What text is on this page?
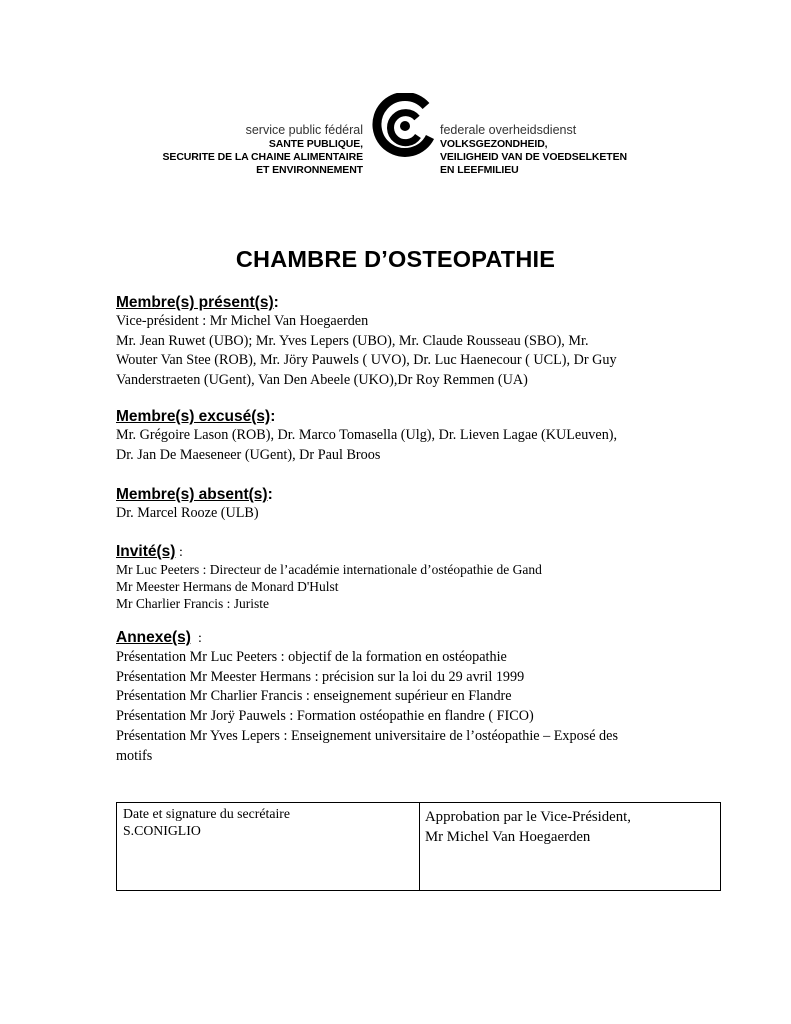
service public fédéral
SANTE PUBLIQUE,
SECURITE DE LA CHAINE ALIMENTAIRE
ET ENVIRONNEMENT
federale overheidsdienst
VOLKSGEZONDHEID,
VEILIGHEID VAN DE VOEDSELKETEN
EN LEEFMILIEU
CHAMBRE D’OSTEOPATHIE
Membre(s) présent(s):
Vice-président : Mr Michel Van Hoegaerden
Mr. Jean Ruwet (UBO); Mr. Yves Lepers (UBO), Mr. Claude Rousseau (SBO), Mr.
Wouter Van Stee (ROB), Mr. Jöry Pauwels ( UVO), Dr. Luc Haenecour ( UCL), Dr Guy
Vanderstraeten (UGent), Van Den Abeele (UKO),Dr Roy Remmen (UA)
Membre(s) excusé(s):
Mr. Grégoire Lason (ROB), Dr. Marco Tomasella (Ulg), Dr. Lieven Lagae (KULeuven),
Dr. Jan De Maeseneer (UGent), Dr Paul Broos
Membre(s) absent(s):
Dr. Marcel Rooze (ULB)
Invité(s) :
Mr Luc Peeters : Directeur de l’académie internationale d’ostéopathie de Gand
Mr Meester Hermans de Monard D'Hulst
Mr Charlier Francis : Juriste
Annexe(s)  :
Présentation Mr Luc Peeters : objectif de la formation en ostéopathie
Présentation Mr Meester Hermans : précision sur la loi du 29 avril 1999
Présentation Mr Charlier Francis : enseignement supérieur en Flandre
Présentation Mr Jorÿ Pauwels : Formation ostéopathie en flandre ( FICO)
Présentation Mr Yves Lepers : Enseignement universitaire de l’ostéopathie – Exposé des
motifs
Date et signature du secrétaire
S.CONIGLIO
Approbation par le Vice-Président,
Mr Michel Van Hoegaerden
